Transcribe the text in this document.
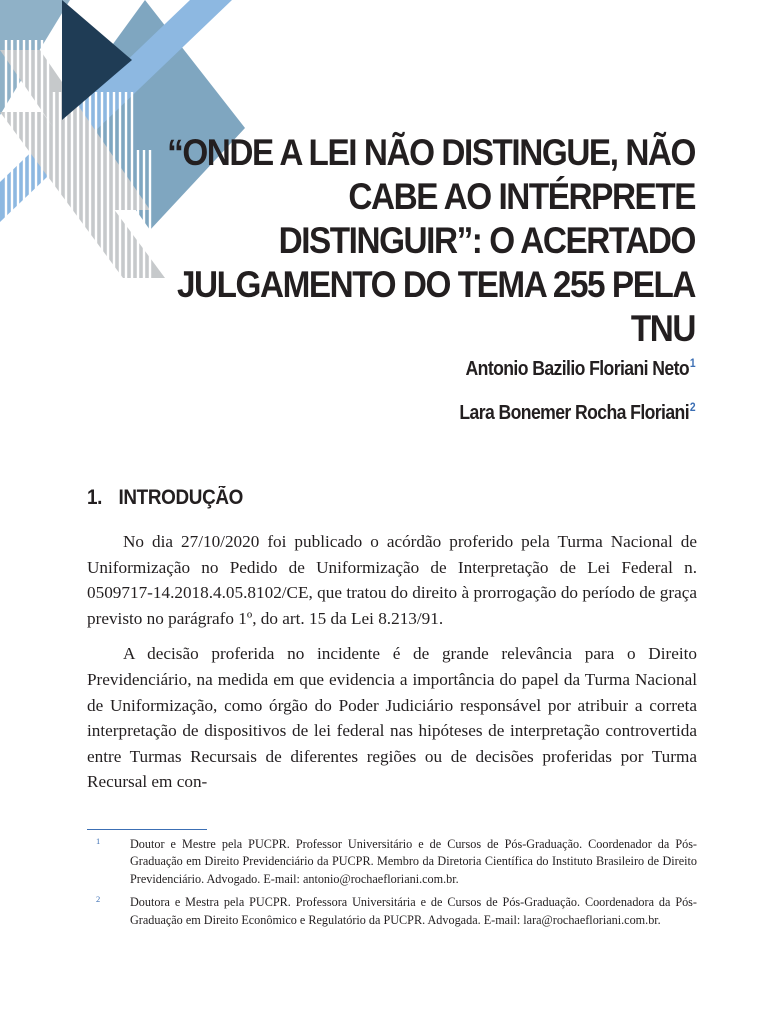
“ONDE A LEI NÃO DISTINGUE, NÃO CABE AO INTÉRPRETE DISTINGUIR”: O ACERTADO JULGAMENTO DO TEMA 255 PELA TNU
Antonio Bazilio Floriani Neto$^1$
Lara Bonemer Rocha Floriani$^2$
1. INTRODUÇÃO

No dia 27/10/2020 foi publicado o acórdão proferido pela Turma Nacional de Uniformização no Pedido de Uniformização de Interpretação de Lei Federal n. 0509717-14.2018.4.05.8102/CE, que tratou do direito à prorrogação do período de graça previsto no parágrafo 1º, do art. 15 da Lei 8.213/91.

A decisão proferida no incidente é de grande relevância para o Direito Previdenciário, na medida em que evidencia a importância do papel da Turma Nacional de Uniformização, como órgão do Poder Judiciário responsável por atribuir a correta interpretação de dispositivos de lei federal nas hipóteses de interpretação controvertida entre Turmas Recursais de diferentes regiões ou de decisões proferidas por Turma Recursal em con-

1 Doutor e Mestre pela PUCPR. Professor Universitário e de Cursos de Pós-Graduação. Coordenador da Pós-Graduação em Direito Previdenciário da PUCPR. Membro da Diretoria Científica do Instituto Brasileiro de Direito Previdenciário. Advogado. E-mail: antonio@rochaefloriani.com.br.
2 Doutora e Mestra pela PUCPR. Professora Universitária e de Cursos de Pós-Graduação. Coordenadora da Pós-Graduação em Direito Econômico e Regulatório da PUCPR. Advogada. E-mail: lara@rochaefloriani.com.br.
